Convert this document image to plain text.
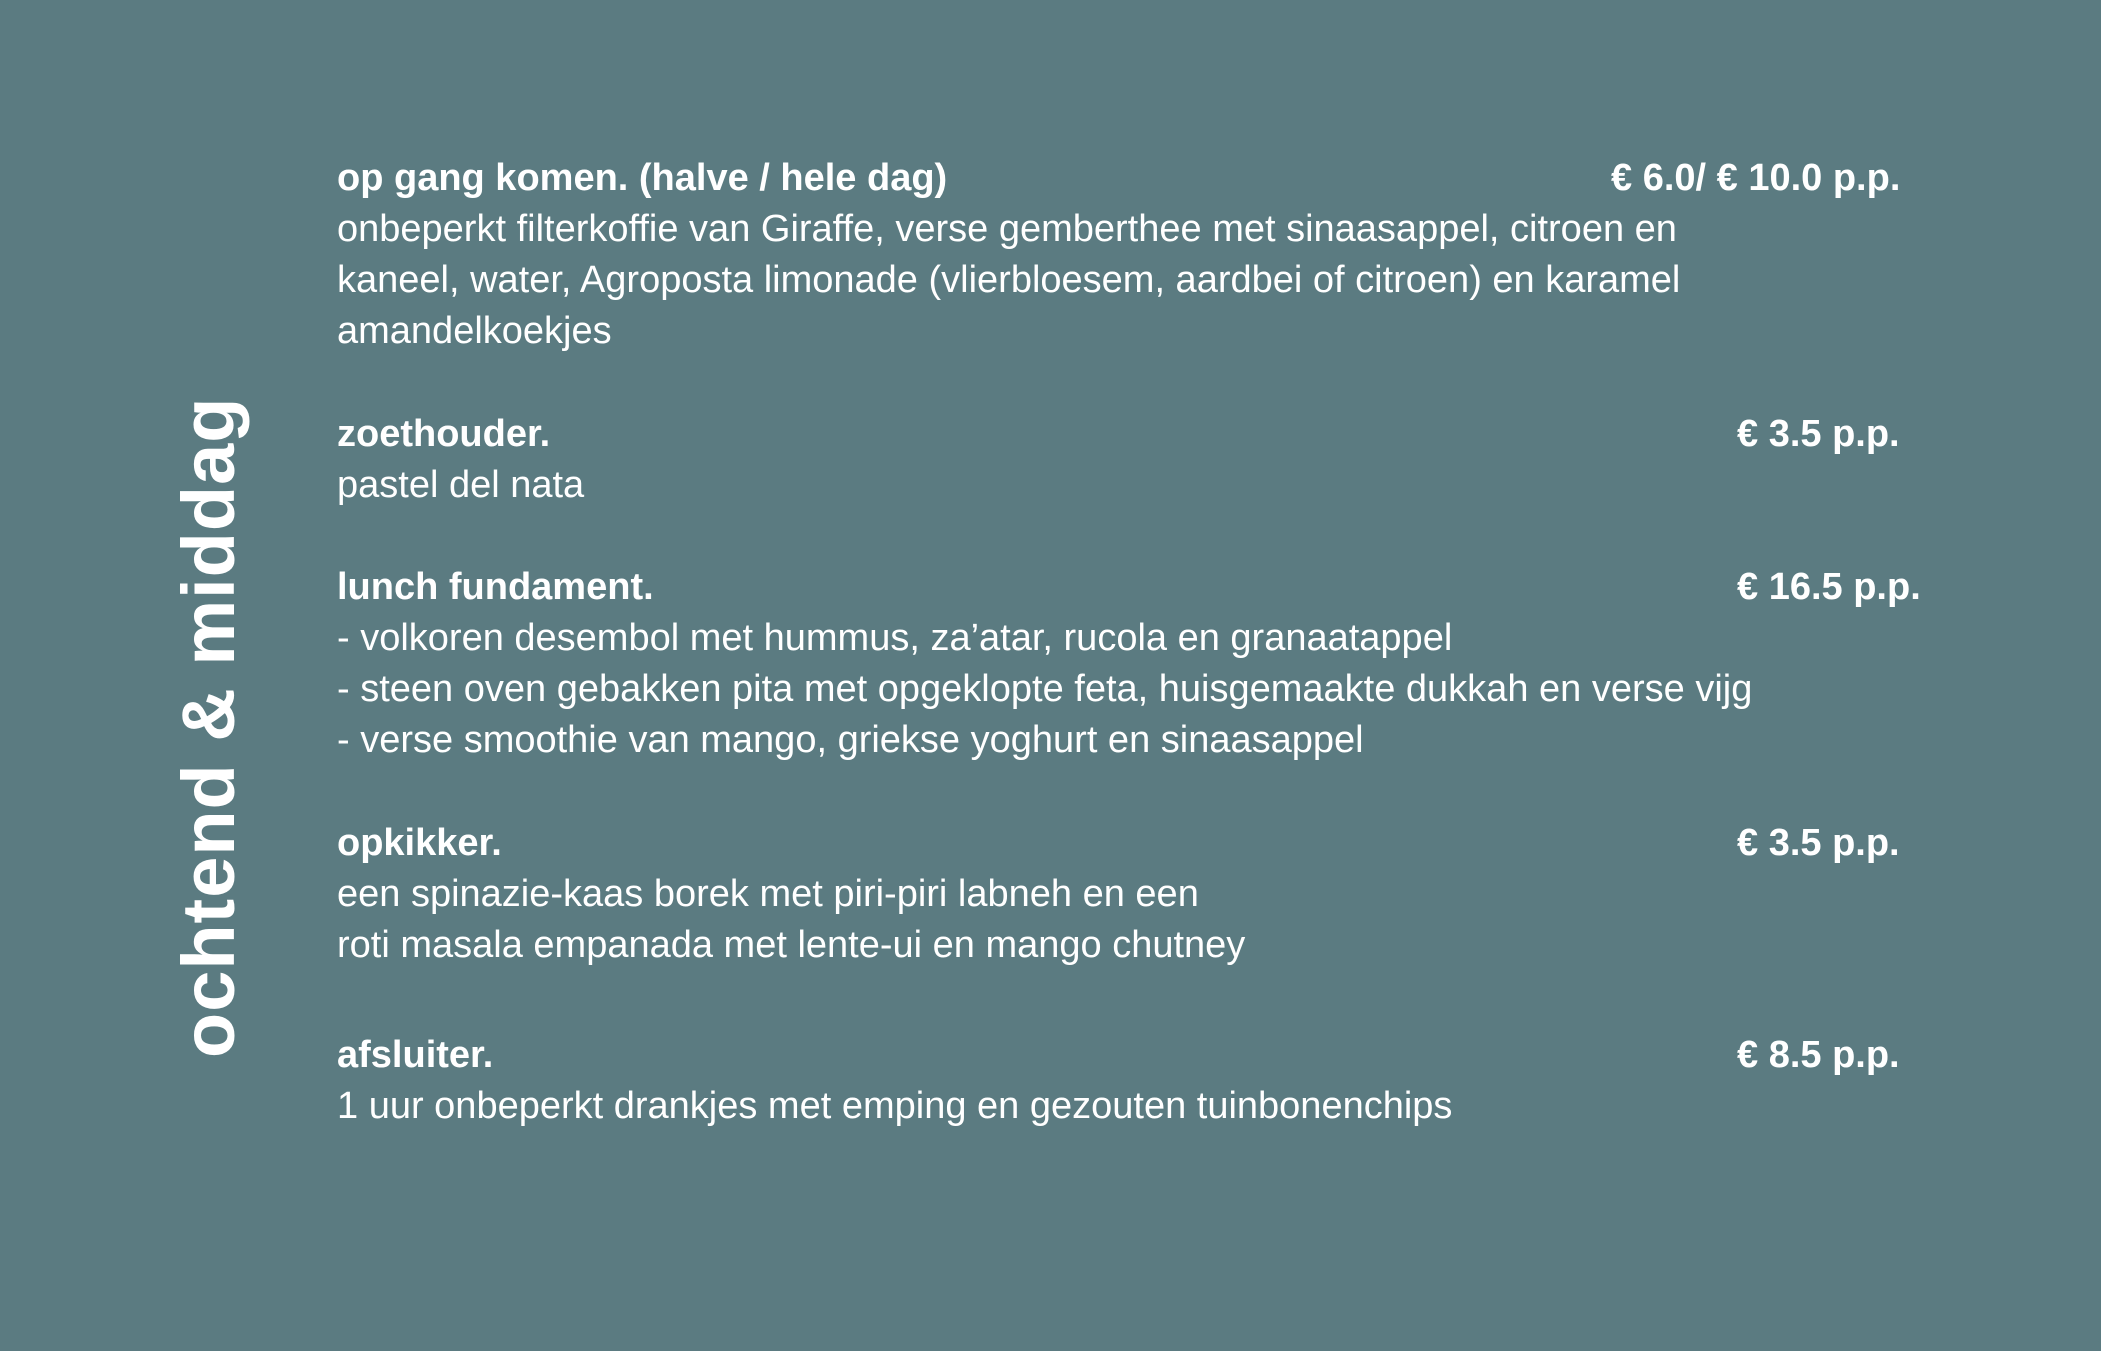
ochtend & middag
op gang komen. (halve / hele dag)	€ 6.0/ € 10.0 p.p.
onbeperkt filterkoffie van Giraffe, verse gemberthee met sinaasappel, citroen en
kaneel, water, Agroposta limonade (vlierbloesem, aardbei of citroen) en karamel
amandelkoekjes
zoethouder.	€ 3.5 p.p.
pastel del nata
lunch fundament.	€ 16.5 p.p.
- volkoren desembol met hummus, za’atar, rucola en granaatappel
- steen oven gebakken pita met opgeklopte feta, huisgemaakte dukkah en verse vijg
- verse smoothie van mango, griekse yoghurt en sinaasappel
opkikker.	€ 3.5 p.p.
een spinazie-kaas borek met piri-piri labneh en een
roti masala empanada met lente-ui en mango chutney
afsluiter.	€ 8.5 p.p.
1 uur onbeperkt drankjes met emping en gezouten tuinbonenchips
